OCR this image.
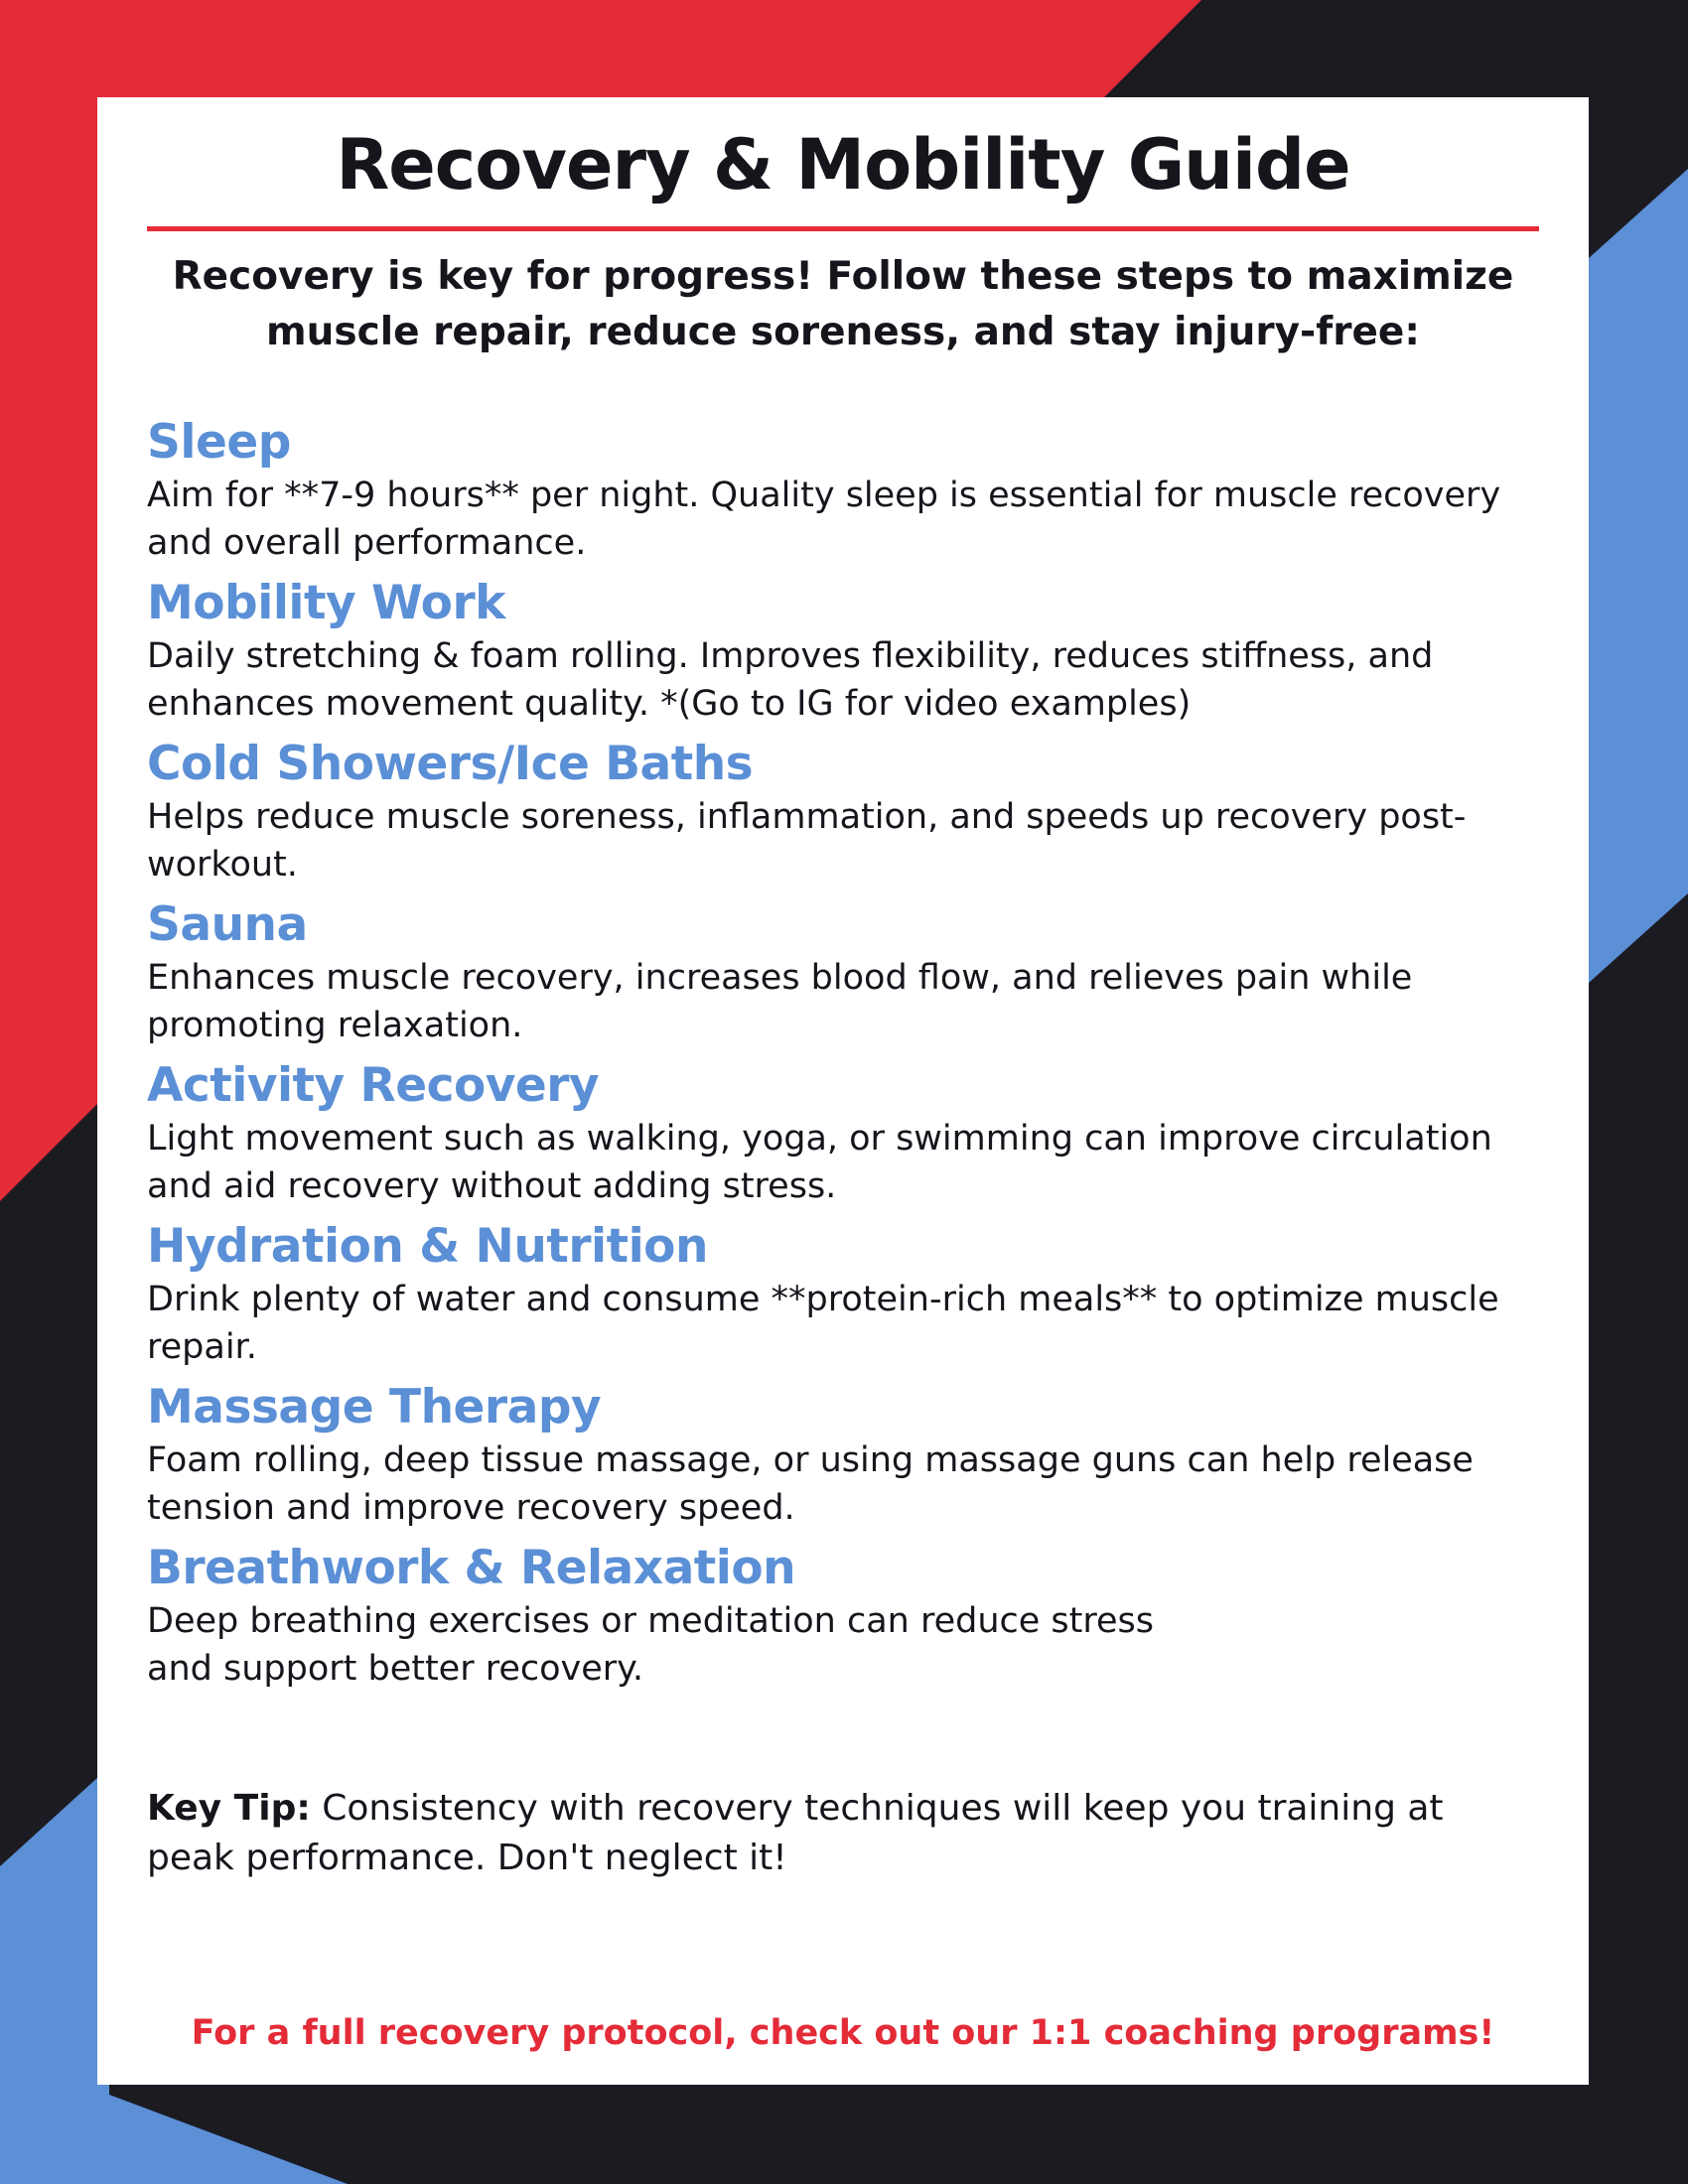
Recovery & Mobility Guide
Recovery is key for progress! Follow these steps to maximize muscle repair, reduce soreness, and stay injury-free:
Sleep
Aim for **7-9 hours** per night. Quality sleep is essential for muscle recovery and overall performance.
Mobility Work
Daily stretching & foam rolling. Improves flexibility, reduces stiffness, and enhances movement quality. *(Go to IG for video examples)
Cold Showers/Ice Baths
Helps reduce muscle soreness, inflammation, and speeds up recovery post-workout.
Sauna
Enhances muscle recovery, increases blood flow, and relieves pain while promoting relaxation.
Activity Recovery
Light movement such as walking, yoga, or swimming can improve circulation and aid recovery without adding stress.
Hydration & Nutrition
Drink plenty of water and consume **protein-rich meals** to optimize muscle repair.
Massage Therapy
Foam rolling, deep tissue massage, or using massage guns can help release tension and improve recovery speed.
Breathwork & Relaxation
Deep breathing exercises or meditation can reduce stress
and support better recovery.
Key Tip: Consistency with recovery techniques will keep you training at peak performance. Don't neglect it!
For a full recovery protocol, check out our 1:1 coaching programs!
